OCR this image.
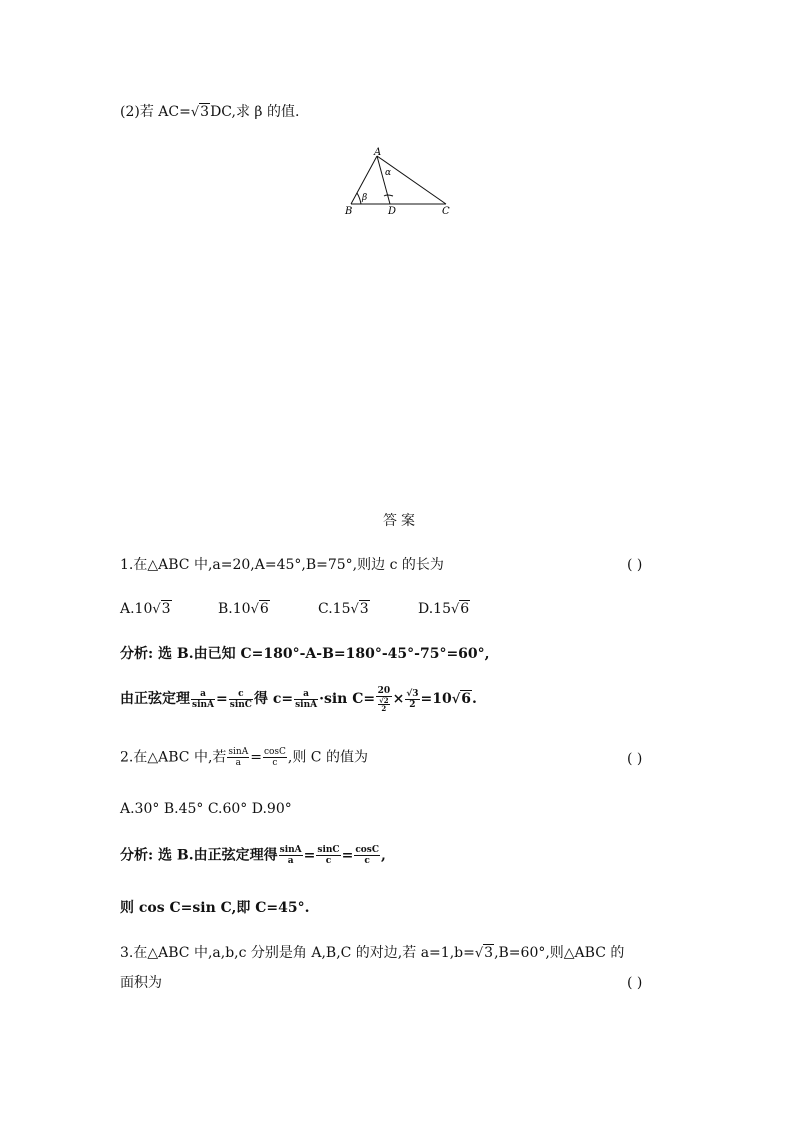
(2)若 AC=√3DC,求 β 的值.
A
B	D	C
α
β
答案
1.在△ABC 中,a=20,A=45°,B=75°,则边 c 的长为	( )
A.10√3	B.10√6	C.15√3	D.15√6
分析: 选 B.由已知 C=180°-A-B=180°-45°-75°=60°,
由正弦定理 $\frac{a}{\sin A} = \frac{c}{\sin C}$ 得 $c= \frac{a}{\sin A} \cdot\sin$ $C= \frac{20}{\frac{√2}{2}} \times \frac{√3}{2} =10√6$.
2.在△ABC 中,若 $\frac{\sin A}{a} = \frac{\cos C}{c}$ ,则 C 的值为	( )
A.30° B.45° C.60° D.90°
分析: 选 B.由正弦定理得 $\frac{\sin A}{a} = \frac{\sin C}{c} = \frac{\cos C}{c}$ ,
则 cos C=sin C,即 C=45°.
3.在△ABC 中,a,b,c 分别是角 A,B,C 的对边,若 a=1,b=√3,B=60°,则△ABC 的
面积为	( )
